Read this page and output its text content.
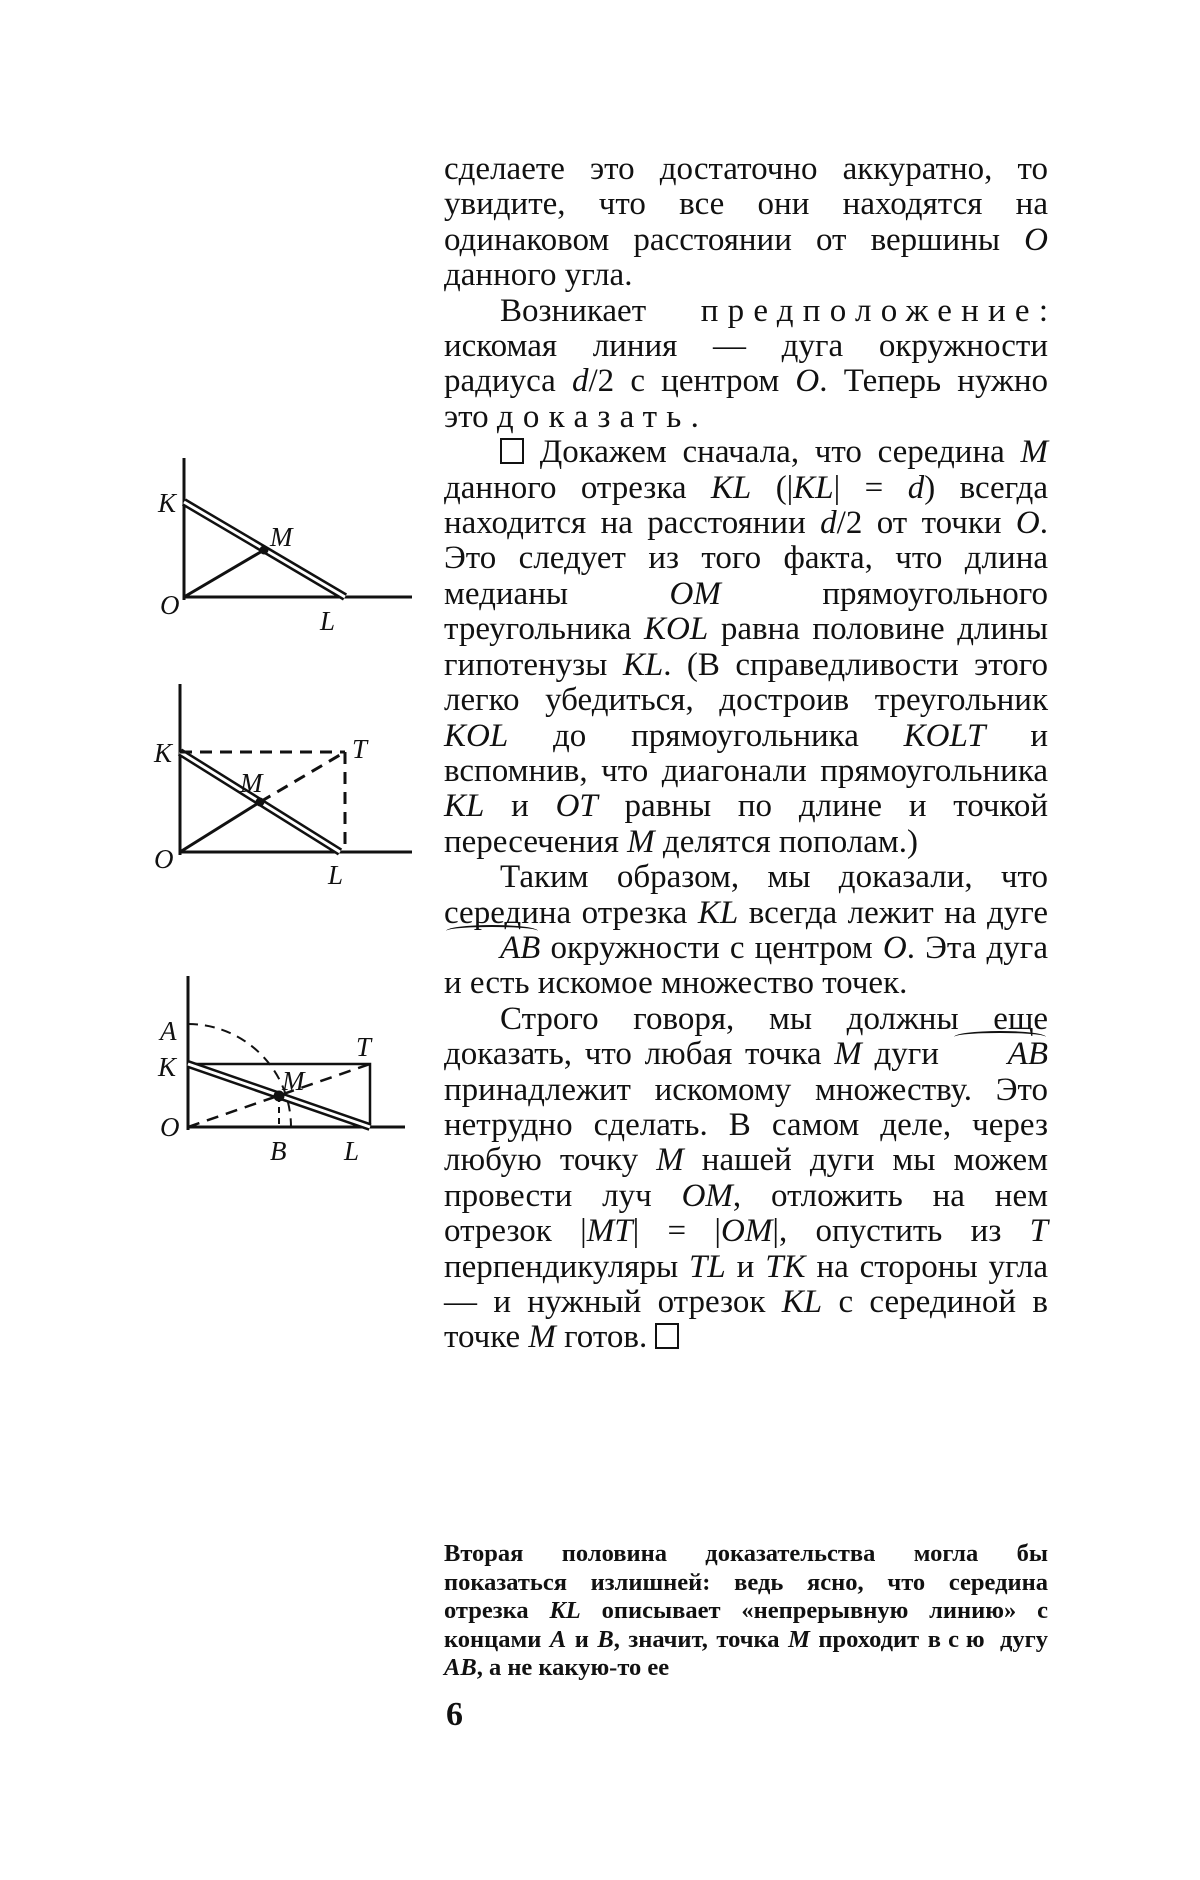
K
M
O
L
K
M
T
O
L
A
K	M
T
O
B L

сделаете это достаточно аккуратно, то увидите, что все они находятся на одинаковом расстоянии от вершины O данного угла.

Возникает предположение: искомая линия — дуга окружности радиуса d/2 с центром O. Теперь нужно это доказать.

Докажем сначала, что середина M данного отрезка KL (|KL| = d) всегда находится на расстоянии d/2 от точки O. Это следует из того факта, что длина медианы OM прямоугольного треугольника KOL равна половине длины гипотенузы KL. (В справедливости этого легко убедиться, достроив треугольник KOL до прямоугольника KOLT и вспомнив, что диагонали прямоугольника KL и OT равны по длине и точкой пересечения M делятся пополам.)

Таким образом, мы доказали, что середина отрезка KL всегда лежит на дуге AB окружности с центром O. Эта дуга и есть искомое множество точек.

Строго говоря, мы должны еще доказать, что любая точка M дуги AB принадлежит искомому множеству. Это нетрудно сделать. В самом деле, через любую точку M нашей дуги мы можем провести луч OM, отложить на нем отрезок |MT| = |OM|, опустить из T перпендикуляры TL и TK на стороны угла — и нужный отрезок KL с серединой в точке M готов.

Вторая половина доказательства могла бы показаться излишней: ведь ясно, что середина отрезка KL описывает «непрерывную линию» с концами A и B, значит, точка M проходит всю дугу AB, а не какую-то ее
6
